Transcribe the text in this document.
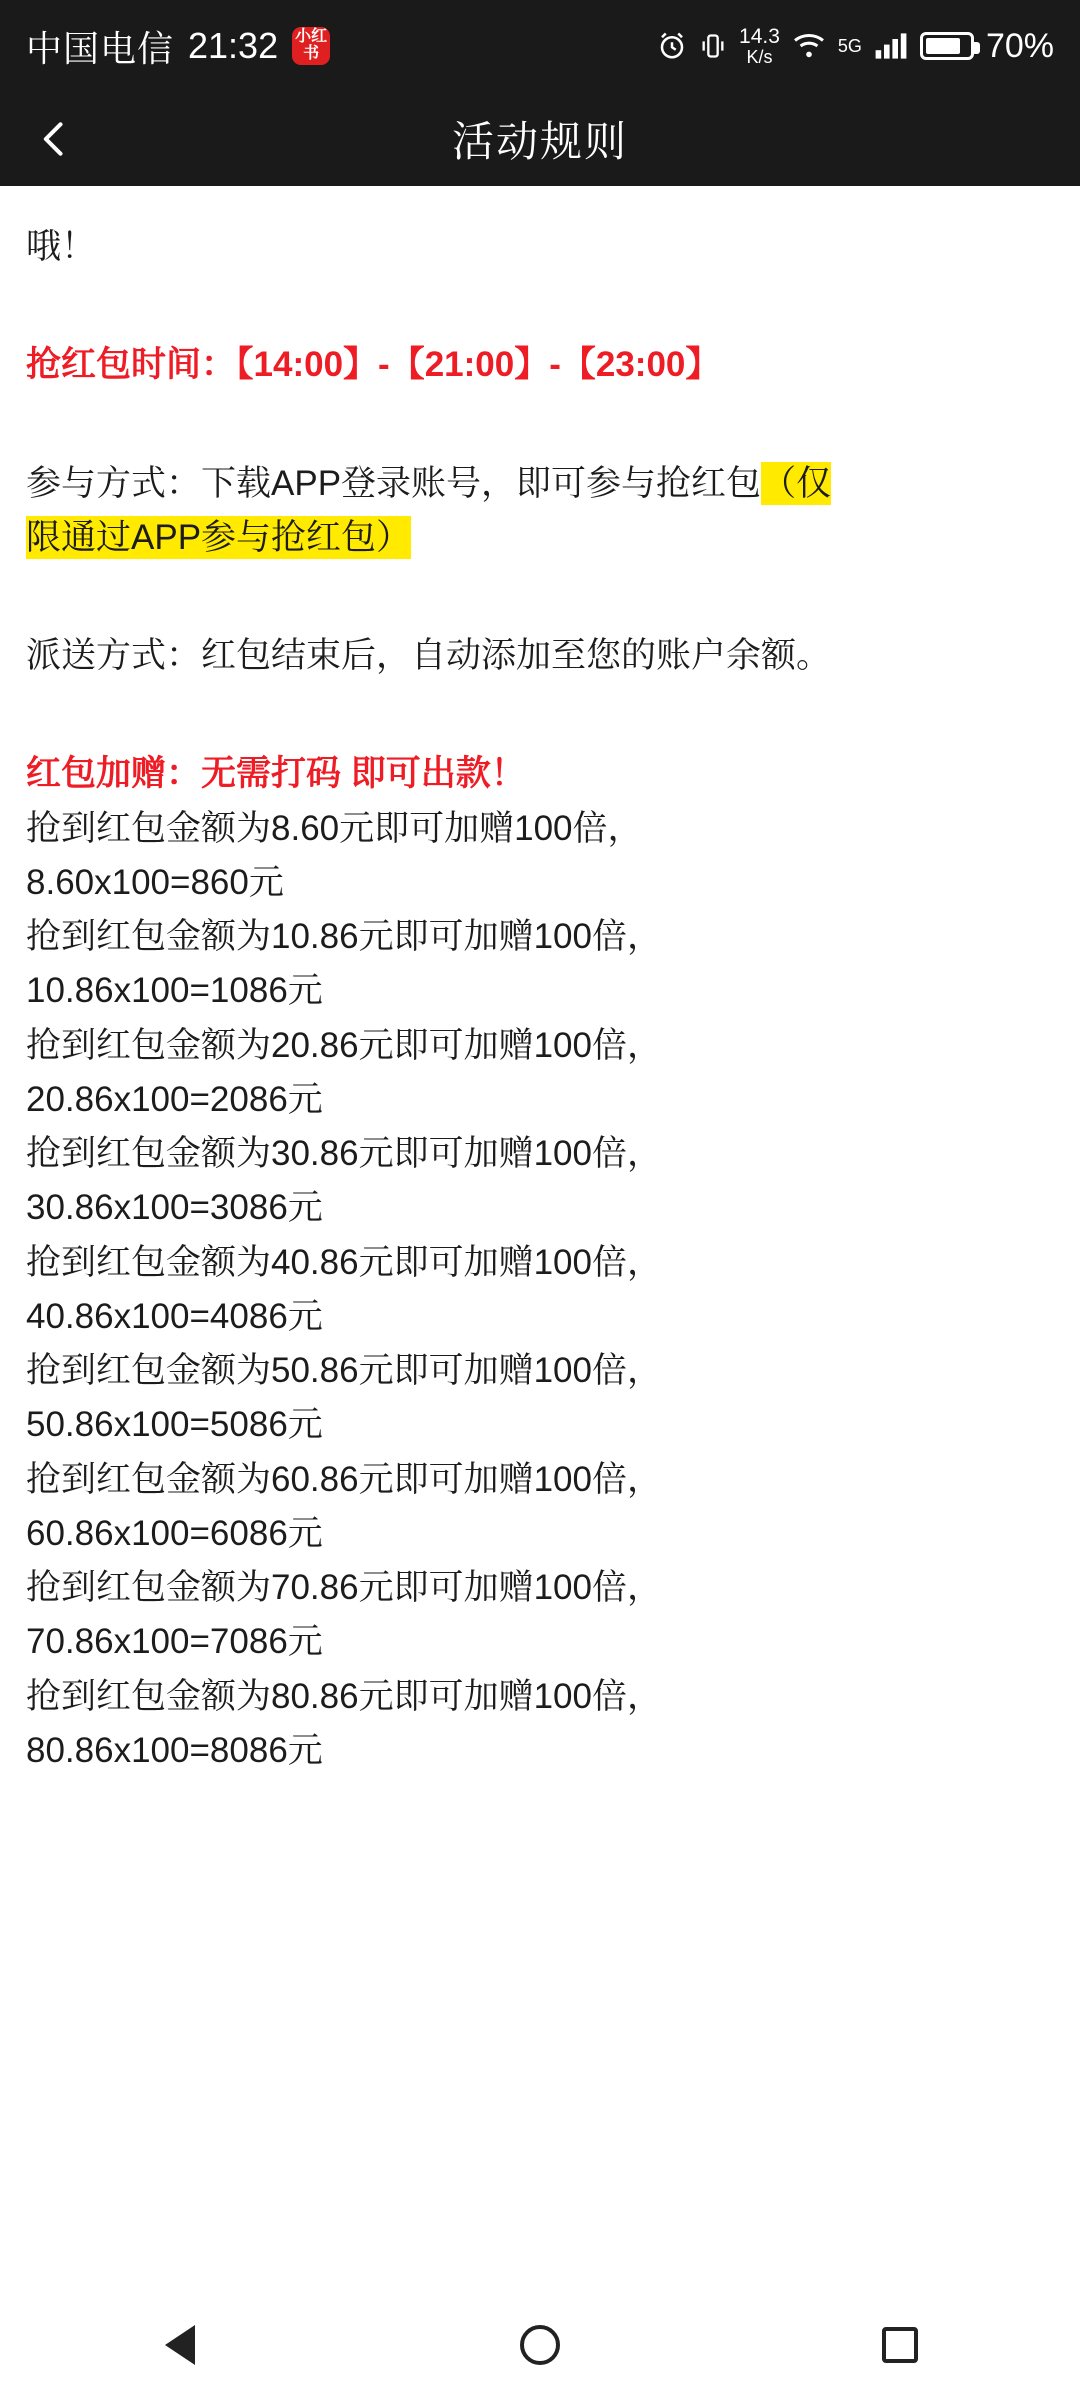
中国电信 21:32 小红书
14.3
K/s
5G	70%
活动规则
哦！
抢红包时间：【14:00】-【21:00】-【23:00】
参与方式：下载APP登录账号，即可参与抢红包（仅
限通过APP参与抢红包）
派送方式：红包结束后，自动添加至您的账户余额。
红包加赠：无需打码 即可出款！
抢到红包金额为8.60元即可加赠100倍，
8.60x100=860元
抢到红包金额为10.86元即可加赠100倍，
10.86x100=1086元
抢到红包金额为20.86元即可加赠100倍，
20.86x100=2086元
抢到红包金额为30.86元即可加赠100倍，
30.86x100=3086元
抢到红包金额为40.86元即可加赠100倍，
40.86x100=4086元
抢到红包金额为50.86元即可加赠100倍，
50.86x100=5086元
抢到红包金额为60.86元即可加赠100倍，
60.86x100=6086元
抢到红包金额为70.86元即可加赠100倍，
70.86x100=7086元
抢到红包金额为80.86元即可加赠100倍，
80.86x100=8086元
